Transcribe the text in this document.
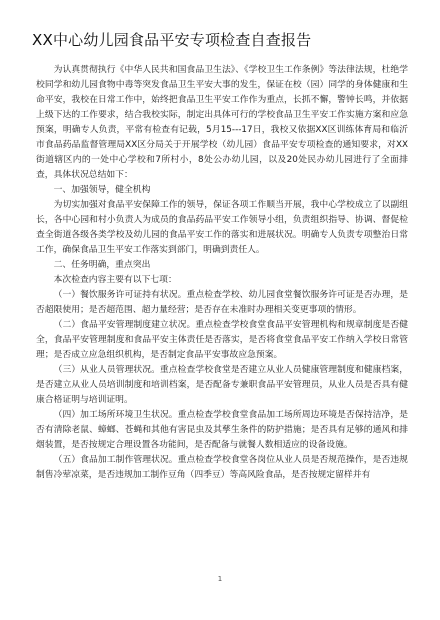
XX中心幼儿园食品平安专项检查自查报告

为认真贯彻执行《中华人民共和国食品卫生法》、《学校卫生工作条例》等法律法规，杜绝学校同学和幼儿园食物中毒等突发食品卫生平安大事的发生，保证在校（园）同学的身体健康和生命平安，我校在日常工作中，始终把食品卫生平安工作作为重点，长抓不懈，警钟长鸣，并依据上级下达的工作要求，结合我校实际，制定出具体可行的学校食品卫生平安工作实施方案和应急预案，明确专人负责，平常有检查有记载，5月15---17日，我校又依据XX区训练体育局和临沂市食品药品监督管理局XX区分局关于开展学校（幼儿园）食品平安专项检查的通知要求，对XX街道辖区内的一处中心学校和7所村小，8处公办幼儿园，以及20处民办幼儿园进行了全面排查，具体状况总结如下：

一、加强领导，健全机构

为切实加强对食品平安保障工作的领导，保证各项工作顺当开展，我中心学校成立了以副组长，各中心园和村小负责人为成员的食品药品平安工作领导小组，负责组织指导、协调、督促检查全街道各级各类学校及幼儿园的食品平安工作的落实和进展状况。明确专人负责专项整治日常工作，确保食品卫生平安工作落实到部门，明确到责任人。

二、任务明确，重点突出

本次检查内容主要有以下七项：

（一）餐饮服务许可证持有状况。重点检查学校、幼儿园食堂餐饮服务许可证是否办理，是否超限使用；是否超范围、超力量经营；是否存在未准时办理相关变更事项的情形。

（二）食品平安管理制度建立状况。重点检查学校食堂食品平安管理机构和规章制度是否健全，食品平安管理制度和食品平安主体责任是否落实，是否将食堂食品平安工作纳入学校日常管理；是否成立应急组织机构，是否制定食品平安事故应急预案。

（三）从业人员管理状况。重点检查学校食堂是否建立从业人员健康管理制度和健康档案，是否建立从业人员培训制度和培训档案，是否配备专兼职食品平安管理员，从业人员是否具有健康合格证明与培训证明。

（四）加工场所环境卫生状况。重点检查学校食堂食品加工场所周边环境是否保持洁净，是否有清除老鼠、蟑螂、苍蝇和其他有害昆虫及其孳生条件的防护措施；是否具有足够的通风和排烟装置，是否按规定合理设置各功能间，是否配备与就餐人数相适应的设备设施。

（五）食品加工制作管理状况。重点检查学校食堂各岗位从业人员是否规范操作，是否违规制售冷荤凉菜，是否违规加工制作豆角（四季豆）等高风险食品，是否按规定留样并有

1
